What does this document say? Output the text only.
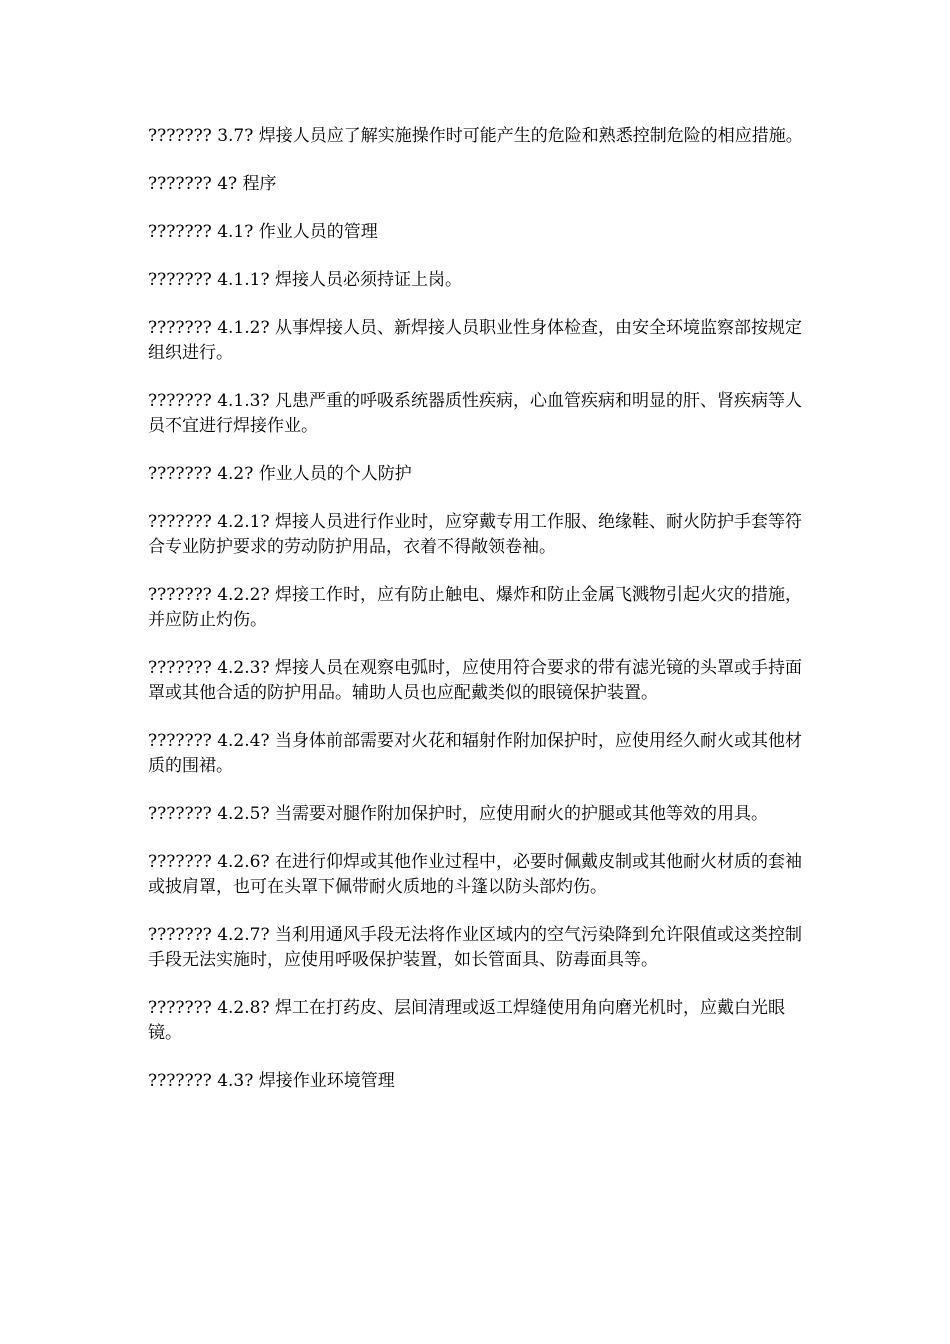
??????? 3.7? 焊接人员应了解实施操作时可能产生的危险和熟悉控制危险的相应措施。

??????? 4? 程序

??????? 4.1? 作业人员的管理

??????? 4.1.1? 焊接人员必须持证上岗。

??????? 4.1.2? 从事焊接人员、新焊接人员职业性身体检查，由安全环境监察部按规定组织进行。

??????? 4.1.3? 凡患严重的呼吸系统器质性疾病，心血管疾病和明显的肝、肾疾病等人员不宜进行焊接作业。

??????? 4.2? 作业人员的个人防护

??????? 4.2.1? 焊接人员进行作业时，应穿戴专用工作服、绝缘鞋、耐火防护手套等符合专业防护要求的劳动防护用品，衣着不得敞领卷袖。

??????? 4.2.2? 焊接工作时，应有防止触电、爆炸和防止金属飞溅物引起火灾的措施，并应防止灼伤。

??????? 4.2.3? 焊接人员在观察电弧时，应使用符合要求的带有滤光镜的头罩或手持面罩或其他合适的防护用品。辅助人员也应配戴类似的眼镜保护装置。

??????? 4.2.4? 当身体前部需要对火花和辐射作附加保护时，应使用经久耐火或其他材质的围裙。

??????? 4.2.5? 当需要对腿作附加保护时，应使用耐火的护腿或其他等效的用具。

??????? 4.2.6? 在进行仰焊或其他作业过程中，必要时佩戴皮制或其他耐火材质的套袖或披肩罩，也可在头罩下佩带耐火质地的斗篷以防头部灼伤。

??????? 4.2.7? 当利用通风手段无法将作业区域内的空气污染降到允许限值或这类控制手段无法实施时，应使用呼吸保护装置，如长管面具、防毒面具等。

??????? 4.2.8? 焊工在打药皮、层间清理或返工焊缝使用角向磨光机时，应戴白光眼镜。

??????? 4.3? 焊接作业环境管理
